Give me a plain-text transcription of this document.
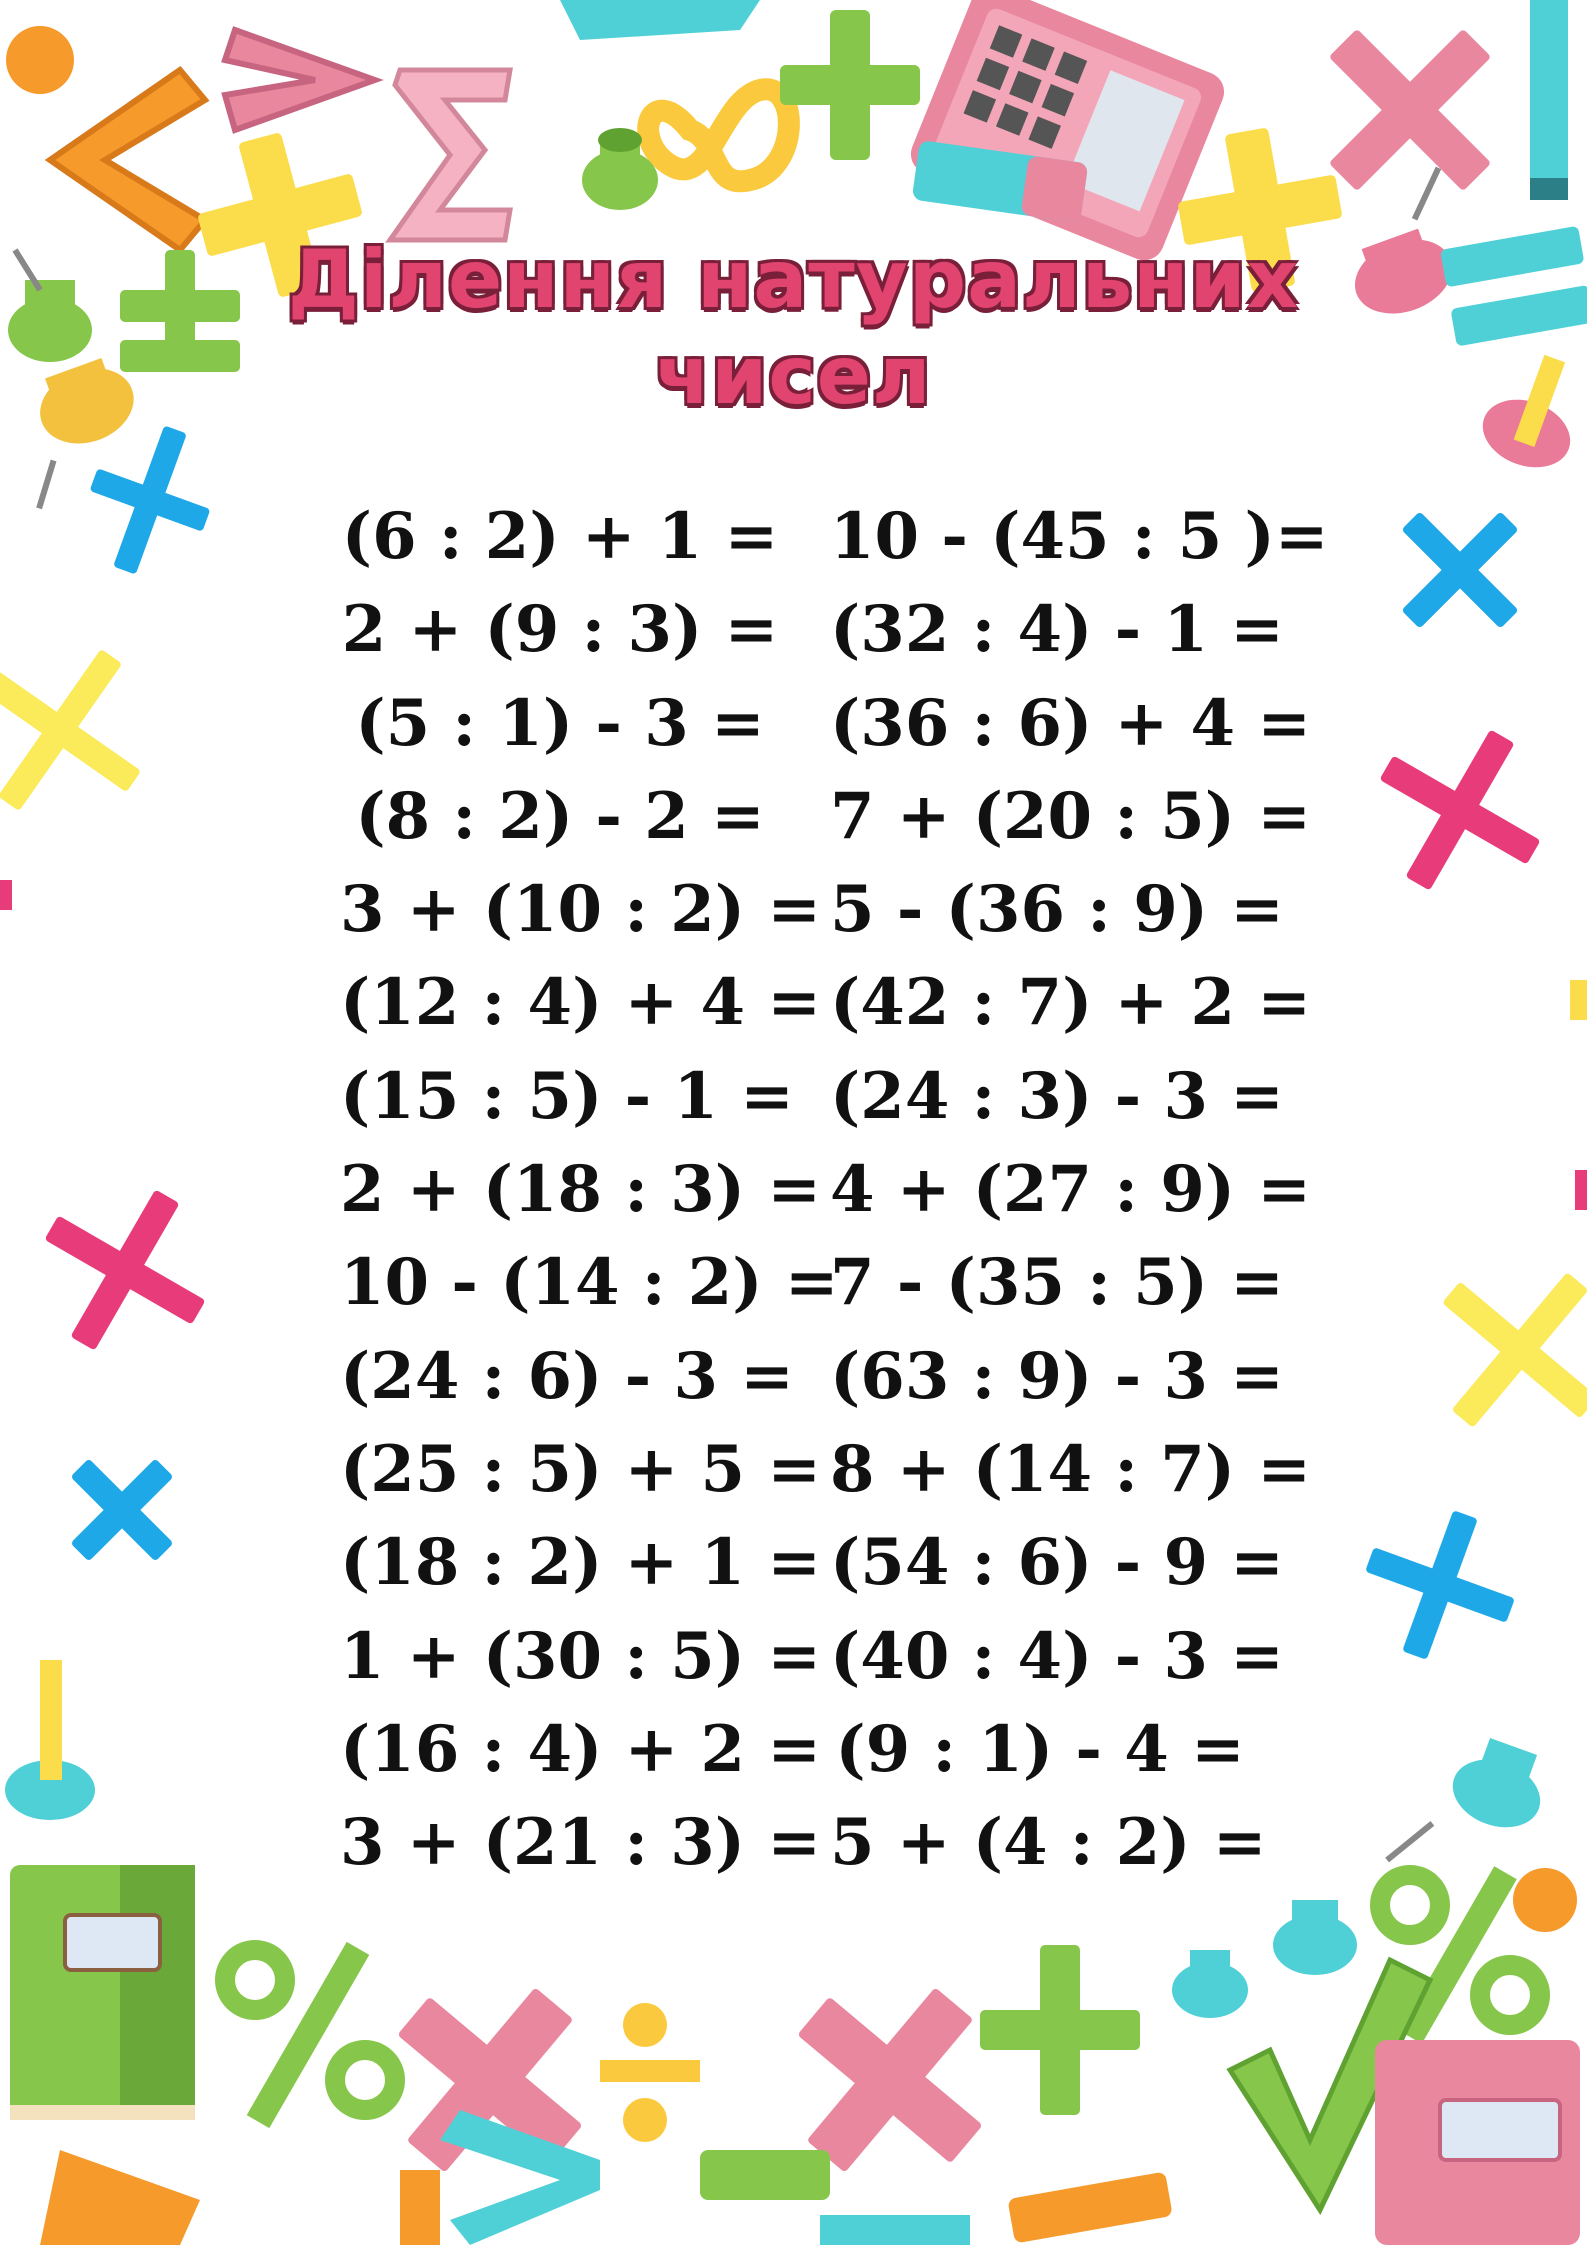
Ділення натуральних
чисел
(6 : 2) + 1 =
2 + (9 : 3) =
(5 : 1) - 3 =
(8 : 2) - 2 =
3 + (10 : 2) =
(12 : 4) + 4 =
(15 : 5) - 1 =
2 + (18 : 3) =
10 - (14 : 2) =
(24 : 6) - 3 =
(25 : 5) + 5 =
(18 : 2) + 1 =
1 + (30 : 5) =
(16 : 4) + 2 =
3 + (21 : 3) =
10 - (45 : 5 )=
(32 : 4) - 1 =
(36 : 6) + 4 =
7 + (20 : 5) =
5 - (36 : 9) =
(42 : 7) + 2 =
(24 : 3) - 3 =
4 + (27 : 9) =
7 - (35 : 5) =
(63 : 9) - 3 =
8 + (14 : 7) =
(54 : 6) - 9 =
(40 : 4) - 3 =
(9 : 1) - 4 =
5 + (4 : 2) =
